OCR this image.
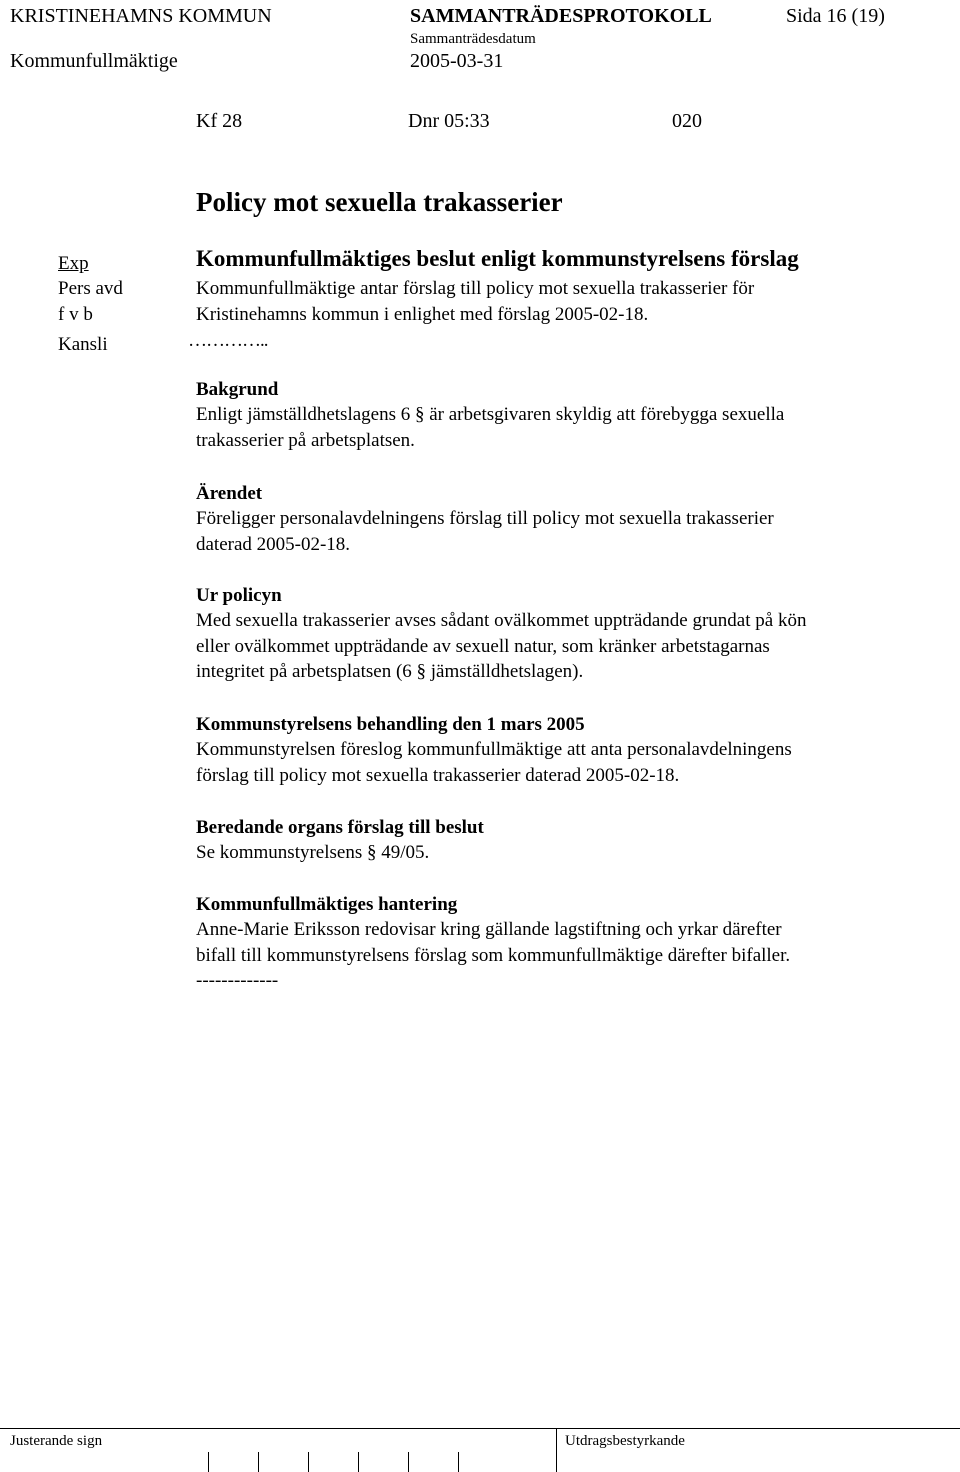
KRISTINEHAMNS KOMMUN	SAMMANTRÄDESPROTOKOLL	Sida 16 (19)
Kommunfullmäktige
Sammanträdesdatum
2005-03-31
Kf 28	Dnr 05:33	020
Policy mot sexuella trakasserier
Exp
Pers avd
f v b
Kansli
Kommunfullmäktiges beslut enligt kommunstyrelsens förslag
Kommunfullmäktige antar förslag till policy mot sexuella trakasserier för
Kristinehamns kommun i enlighet med förslag 2005-02-18.
…………..
Bakgrund
Enligt jämställdhetslagens 6 § är arbetsgivaren skyldig att förebygga sexuella
trakasserier på arbetsplatsen.
Ärendet
Föreligger personalavdelningens förslag till policy mot sexuella trakasserier
daterad 2005-02-18.
Ur policyn
Med sexuella trakasserier avses sådant ovälkommet uppträdande grundat på kön
eller ovälkommet uppträdande av sexuell natur, som kränker arbetstagarnas
integritet på arbetsplatsen (6 § jämställdhetslagen).
Kommunstyrelsens behandling den 1 mars 2005
Kommunstyrelsen föreslog kommunfullmäktige att anta personalavdelningens
förslag till policy mot sexuella trakasserier daterad 2005-02-18.
Beredande organs förslag till beslut
Se kommunstyrelsens § 49/05.
Kommunfullmäktiges hantering
Anne-Marie Eriksson redovisar kring gällande lagstiftning och yrkar därefter
bifall till kommunstyrelsens förslag som kommunfullmäktige därefter bifaller.
-------------
Justerande sign	Utdragsbestyrkande
